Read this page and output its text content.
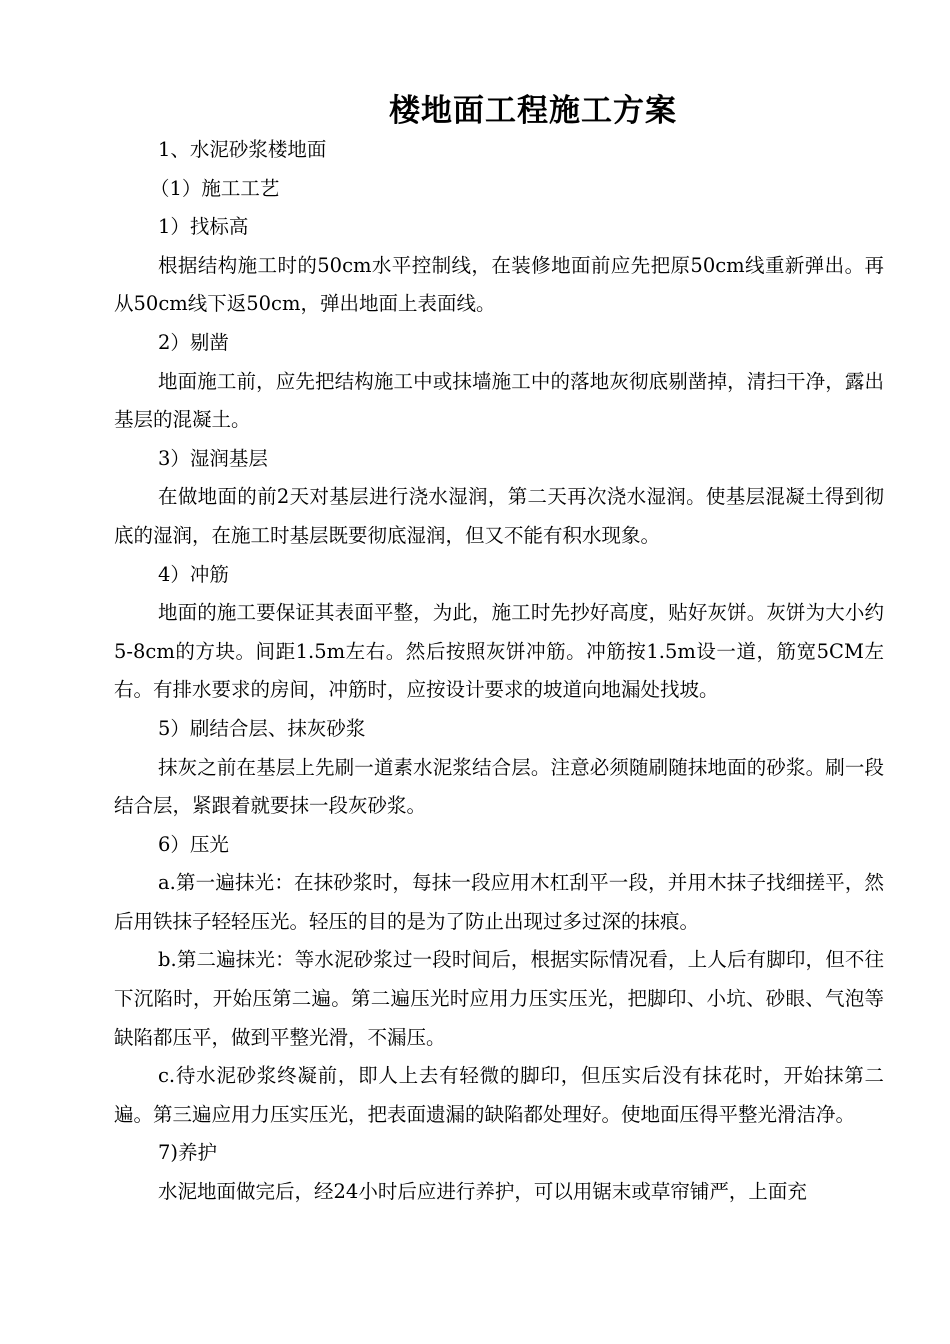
楼地面工程施工方案

1、水泥砂浆楼地面

（1）施工工艺

1）找标高

根据结构施工时的50cm水平控制线，在装修地面前应先把原50cm线重新弹出。再从50cm线下返50cm，弹出地面上表面线。

2）剔凿

地面施工前，应先把结构施工中或抹墙施工中的落地灰彻底剔凿掉，清扫干净，露出基层的混凝土。

3）湿润基层

在做地面的前2天对基层进行浇水湿润，第二天再次浇水湿润。使基层混凝土得到彻底的湿润，在施工时基层既要彻底湿润，但又不能有积水现象。

4）冲筋

地面的施工要保证其表面平整，为此，施工时先抄好高度，贴好灰饼。灰饼为大小约5-8cm的方块。间距1.5m左右。然后按照灰饼冲筋。冲筋按1.5m设一道，筋宽5CM左右。有排水要求的房间，冲筋时，应按设计要求的坡道向地漏处找坡。

5）刷结合层、抹灰砂浆

抹灰之前在基层上先刷一道素水泥浆结合层。注意必须随刷随抹地面的砂浆。刷一段结合层，紧跟着就要抹一段灰砂浆。

6）压光

a.第一遍抹光：在抹砂浆时，每抹一段应用木杠刮平一段，并用木抹子找细搓平，然后用铁抹子轻轻压光。轻压的目的是为了防止出现过多过深的抹痕。

b.第二遍抹光：等水泥砂浆过一段时间后，根据实际情况看，上人后有脚印，但不往下沉陷时，开始压第二遍。第二遍压光时应用力压实压光，把脚印、小坑、砂眼、气泡等缺陷都压平，做到平整光滑，不漏压。

c.待水泥砂浆终凝前，即人上去有轻微的脚印，但压实后没有抹花时，开始抹第二遍。第三遍应用力压实压光，把表面遗漏的缺陷都处理好。使地面压得平整光滑洁净。

7)养护

水泥地面做完后，经24小时后应进行养护，可以用锯末或草帘铺严，上面充
